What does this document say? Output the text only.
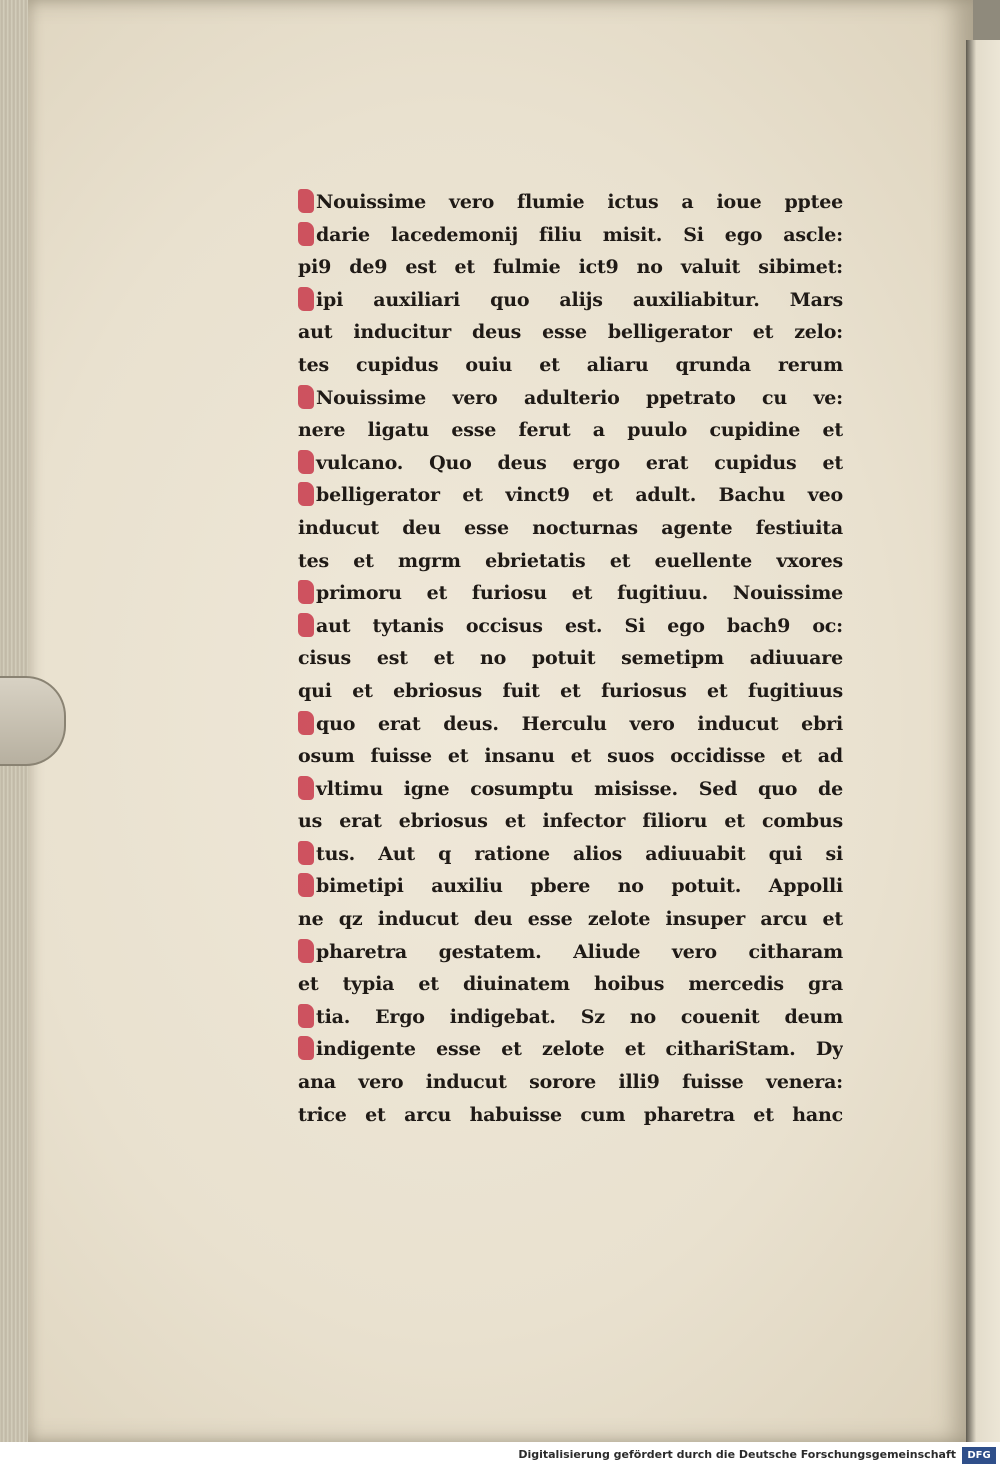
Nouissime vero flumie ictus a ioue pptee
darie lacedemonij filiu misit. Si ego ascle:
pi9 de9 est et fulmie ict9 no valuit sibimet:
ipi auxiliari quo alijs auxiliabitur. Mars
aut inducitur deus esse belligerator et zelo:
tes cupidus ouiu et aliaru qrunda rerum
Nouissime vero adulterio ppetrato cu ve:
nere ligatu esse ferut a puulo cupidine et
vulcano. Quo deus ergo erat cupidus et
belligerator et vinct9 et adult. Bachu veo
inducut deu esse nocturnas agente festiuita
tes et mgrm ebrietatis et euellente vxores
primoru et furiosu et fugitiuu. Nouissime
aut tytanis occisus est. Si ego bach9 oc:
cisus est et no potuit semetipm adiuuare
qui et ebriosus fuit et furiosus et fugitiuus
quo erat deus. Herculu vero inducut ebri
osum fuisse et insanu et suos occidisse et ad
vltimu igne cosumptu misisse. Sed quo de
us erat ebriosus et infector filioru et combus
tus. Aut q ratione alios adiuuabit qui si
bimetipi auxiliu pbere no potuit. Appolli
ne qz inducut deu esse zelote insuper arcu et
pharetra gestatem. Aliude vero citharam
et typia et diuinatem hoibus mercedis gra
tia. Ergo indigebat. Sz no couenit deum
indigente esse et zelote et cithariStam. Dy
ana vero inducut sorore illi9 fuisse venera:
trice et arcu habuisse cum pharetra et hanc
Digitalisierung gefördert durch die Deutsche Forschungsgemeinschaft	DFG
